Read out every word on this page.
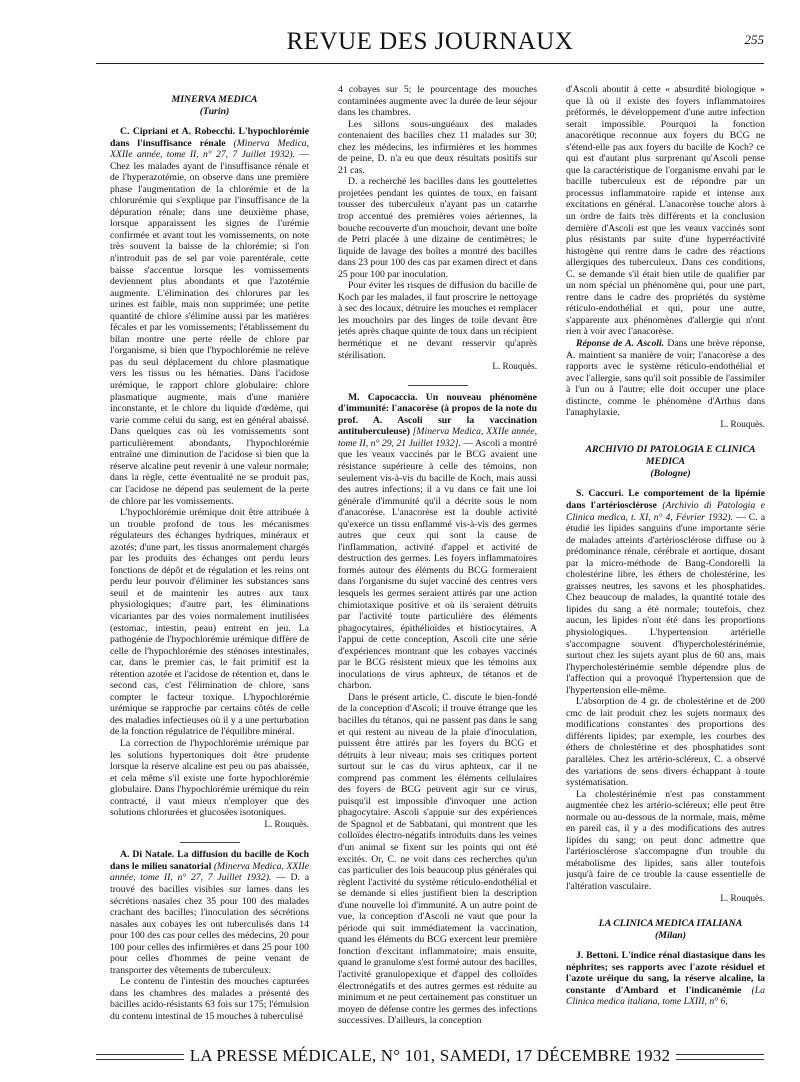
REVUE DES JOURNAUX	255

MINERVA MEDICA

(Turin)

C. Cipriani et A. Robecchi. L'hypochlorémie dans l'insuffisance rénale (Minerva Medica, XXIIe année, tome II, n° 27, 7 Juillet 1932). — Chez les malades ayant de l'insuffisance rénale et de l'hyperazotémie, on observe dans une première phase l'augmentation de la chlorémie et de la chlorurémie qui s'explique par l'insuffisance de la dépuration rénale; dans une deuxième phase, lorsque apparaissent les signes de l'urémie confirmée et avant tout les vomissements, on note très souvent la baisse de la chlorémie; si l'on n'introduit pas de sel par voie parentérale, cette baisse s'accentue lorsque les vomissements deviennent plus abondants et que l'azotémie augmente. L'élimination des chlorures par les urines est faible, mais non supprimée; une petite quantité de chlore s'élimine aussi par les matières fécales et par les vomissements; l'établissement du bilan montre une perte réelle de chlore par l'organisme, si bien que l'hypochlorémie ne relève pas du seul déplacement du chlore plasmatique vers les tissus ou les hématies. Dans l'acidose urémique, le rapport chlore globulaire: chlore plasmatique augmente, mais d'une manière inconstante, et le chlore du liquide d'œdème, qui varie comme celui du sang, est en général abaissé. Dans quelques cas où les vomissements sont particulièrement abondants, l'hypochlorémie entraîne une diminution de l'acidose si bien que la réserve alcaline peut revenir à une valeur normale; dans la règle, cette éventualité ne se produit pas, car l'acidose ne dépend pas seulement de la perte de chlore par les vomissements.

L'hypochlorémie urémique doit être attribuée à un trouble profond de tous les mécanismes régulateurs des échanges hydriques, minéraux et azotés; d'une part, les tissus anormalement chargés par les produits des échanges ont perdu leurs fonctions de dépôt et de régulation et les reins ont perdu leur pouvoir d'éliminer les substances sans seuil et de maintenir les autres aux taux physiologiques; d'autre part, les éliminations vicariantes par des voies normalement inutilisées (estomac, intestin, peau) entrent en jeu. La pathogénie de l'hypochlorémie urémique diffère de celle de l'hypochlorémie des sténoses intestinales, car, dans le premier cas, le fait primitif est la rétention azotée et l'acidose de rétention et, dans le second cas, c'est l'élimination de chlore, sans compter le facteur toxique. L'hypochlorémie urémique se rapproche par certains côtés de celle des maladies infectieuses où il y a une perturbation de la fonction régulatrice de l'équilibre minéral.

La correction de l'hypochlorémie urémique par les solutions hypertoniques doit être prudente lorsque la réserve alcaline est peu ou pas abaissée, et cela même s'il existe une forte hypochlorémie globulaire. Dans l'hypochlorémie urémique du rein contracté, il vaut mieux n'employer que des solutions chlorurées et glucosées isotoniques.

L. Rouquès.

A. Di Natale. La diffusion du bacille de Koch dans le milieu sanatorial (Minerva Medica, XXIIe année, tome II, n° 27, 7 Juillet 1932). — D. a trouvé des bacilles visibles sur lames dans les sécrétions nasales chez 35 pour 100 des malades crachant des bacilles; l'inoculation des sécrétions nasales aux cobayes les ont tuberculisés dans 14 pour 100 des cas pour celles des médecins, 20 pour 100 pour celles des infirmières et dans 25 pour 100 pour celles d'hommes de peine venant de transporter des vêtements de tuberculeux.

Le contenu de l'intestin des mouches capturées dans les chambres des malades a présenté des bacilles acido-résistants 63 fois sur 175; l'émulsion du contenu intestinal de 15 mouches à tuberculisé

4 cobayes sur 5; le pourcentage des mouches contaminées augmente avec la durée de leur séjour dans les chambres.

Les sillons sous-unguéaux des malades contenaient des bacilles chez 11 malades sur 30; chez les médecins, les infirmières et les hommes de peine, D. n'a eu que deux résultats positifs sur 21 cas.

D. a recherché les bacilles dans les gouttelettes projetées pendant les quintes de toux, en faisant tousser des tuberculeux n'ayant pas un catarrhe trop accentué des premières voies aériennes, la bouche recouverte d'un mouchoir, devant une boîte de Petri placée à une dizaine de centimètres; le liquide de lavage des boîtes a montré des bacilles dans 23 pour 100 des cas par examen direct et dans 25 pour 100 par inoculation.

Pour éviter les risques de diffusion du bacille de Koch par les malades, il faut proscrire le nettoyage à sec des locaux, détruire les mouches et remplacer les mouchoirs par des linges de toile devant être jetés après chaque quinte de toux dans un récipient hermétique et ne devant resservir qu'après stérilisation.

L. Rouquès.

M. Capocaccia. Un nouveau phénomène d'immunité: l'anacorèse (à propos de la note du prof. A. Ascoli sur la vaccination antituberculeuse) [Minerva Medica, XXIIe année, tome II, n° 29, 21 Juillet 1932]. — Ascoli a montré que les veaux vaccinés par le BCG avaient une résistance supérieure à celle des témoins, non seulement vis-à-vis du bacille de Koch, mais aussi des autres infections; il a vu dans ce fait une loi générale d'immunité qu'il a décrite sous le nom d'anacorèse. L'anacorèse est la double activité qu'exerce un tissu enflammé vis-à-vis des germes autres que ceux qui sont la cause de l'inflammation, activité d'appel et activité de destruction des germes. Les foyers inflammatoires formés autour des éléments du BCG formeraient dans l'organisme du sujet vacciné des centres vers lesquels les germes seraient attirés par une action chimiotaxique positive et où ils seraient détruits par l'activité toute particulière des éléments phagocytaires, épithélioïdes et histiocytaires. A l'appui de cette conception, Ascoli cite une série d'expériences montrant que les cobayes vaccinés par le BCG résistent mieux que les témoins aux inoculations de virus aphteux, de tétanos et de charbon.

Dans le présent article, C. discute le bien-fondé de la conception d'Ascoli; il trouve étrange que les bacilles du tétanos, qui ne passent pas dans le sang et qui restent au niveau de la plaie d'inoculation, puissent être attirés par les foyers du BCG et détruits à leur niveau; mais ses critiques portent surtout sur le cas du virus aphteux, car il ne comprend pas comment les éléments cellulaires des foyers de BCG peuvent agir sur ce virus, puisqu'il est impossible d'invoquer une action phagocytaire. Ascoli s'appuie sur des expériences de Spagnol et de Sabbatani, qui montrent que les colloïdes électro-négatifs introduits dans les veines d'un animal se fixent sur les points qui ont été excités. Or, C. ne voit dans ces recherches qu'un cas particulier des lois beaucoup plus générales qui règlent l'activité du système réticulo-endothélial et se demande si elles justifient bien la description d'une nouvelle loi d'immunité. A un autre point de vue, la conception d'Ascoli ne vaut que pour la période qui suit immédiatement la vaccination, quand les éléments du BCG exercent leur première fonction d'excitant inflammatoire; mais ensuite, quand le granulome s'est formé autour des bacilles, l'activité granulopexique et d'appel des colloïdes électronégatifs et des autres germes est réduite au minimum et ne peut certainement pas constituer un moyen de défense contre les germes des infections successives. D'ailleurs, la conception

d'Ascoli aboutit à cette « absurdité biologique » que là où il existe des foyers inflammatoires préformés, le développement d'une autre infection serait impossible. Pourquoi la fonction anacorétique reconnue aux foyers du BCG ne s'étend-elle pas aux foyers du bacille de Koch? ce qui est d'autant plus surprenant qu'Ascoli pense que la caractéristique de l'organisme envahi par le bacille tuberculeux est de répondre par un processus inflammatoire rapide et intense aux excitations en général. L'anacorèse touche alors à un ordre de faits très différents et la conclusion dernière d'Ascoli est que les veaux vaccinés sont plus résistants par suite d'une hyperréactivité histogène qui rentre dans le cadre des réactions allergiques des tuberculeux. Dans ces conditions, C. se demande s'il était bien utile de qualifier par un nom spécial un phénomène qui, pour une part, rentre dans le cadre des propriétés du système réticulo-endothélial et qui, pour une autre, s'apparente aux phénomènes d'allergie qui n'ont rien à voir avec l'anacorèse.

Réponse de A. Ascoli. Dans une brève réponse, A. maintient sa manière de voir; l'anacorèse a des rapports avec le système réticulo-endothélial et avec l'allergie, sans qu'il soit possible de l'assimiler à l'un ou à l'autre; elle doit occuper une place distincte, comme le phénomène d'Arthus dans l'anaphylaxie.

L. Rouquès.

ARCHIVIO DI PATOLOGIA E CLINICA MEDICA

(Bologne)

S. Caccuri. Le comportement de la lipémie dans l'artériosclérose (Archivio di Patologia e Clinica medica, t. XI, n° 4, Février 1932). — C. a étudié les lipides sanguins d'une importante série de malades atteints d'artériosclérose diffuse ou à prédominance rénale, cérébrale et aortique, dosant par la micro-méthode de Bang-Condorelli la cholestérine libre, les éthers de cholestérine, les graisses neutres, les savons et les phosphatides. Chez beaucoup de malades, la quantité totale des lipides du sang a été normale; toutefois, chez aucun, les lipides n'ont été dans les proportions physiologiques. L'hypertension artérielle s'accompagne souvent d'hypercholestérinémie, surtout chez les sujets ayant plus de 60 ans, mais l'hypercholestérinémie semble dépendre plus de l'affection qui a provoqué l'hypertension que de l'hypertension elle-même.

L'absorption de 4 gr. de cholestérine et de 200 cmc de lait produit chez les sujets normaux des modifications constantes des proportions des différents lipides; par exemple, les courbes des éthers de cholestérine et des phosphatides sont parallèles. Chez les artério-scléreux, C. a observé des variations de sens divers échappant à toute systématisation.

La cholestérinémie n'est pas constamment augmentée chez les artério-scléreux; elle peut être normale ou au-dessous de la normale, mais, même en pareil cas, il y a des modifications des autres lipides du sang; on peut donc admettre que l'artériosclérose s'accompagne d'un trouble du métabolisme des lipides, sans aller toutefois jusqu'à faire de ce trouble la cause essentielle de l'altération vasculaire.

L. Rouquès.

LA CLINICA MEDICA ITALIANA

(Milan)

J. Bettoni. L'indice rénal diastasique dans les néphrites; ses rapports avec l'azote résiduel et l'azote uréique du sang, la réserve alcaline, la constante d'Ambard et l'indicanémie (La Clinica medica italiana, tome LXIII, n° 6,

LA PRESSE MÉDICALE, N° 101, SAMEDI, 17 DÉCEMBRE 1932
